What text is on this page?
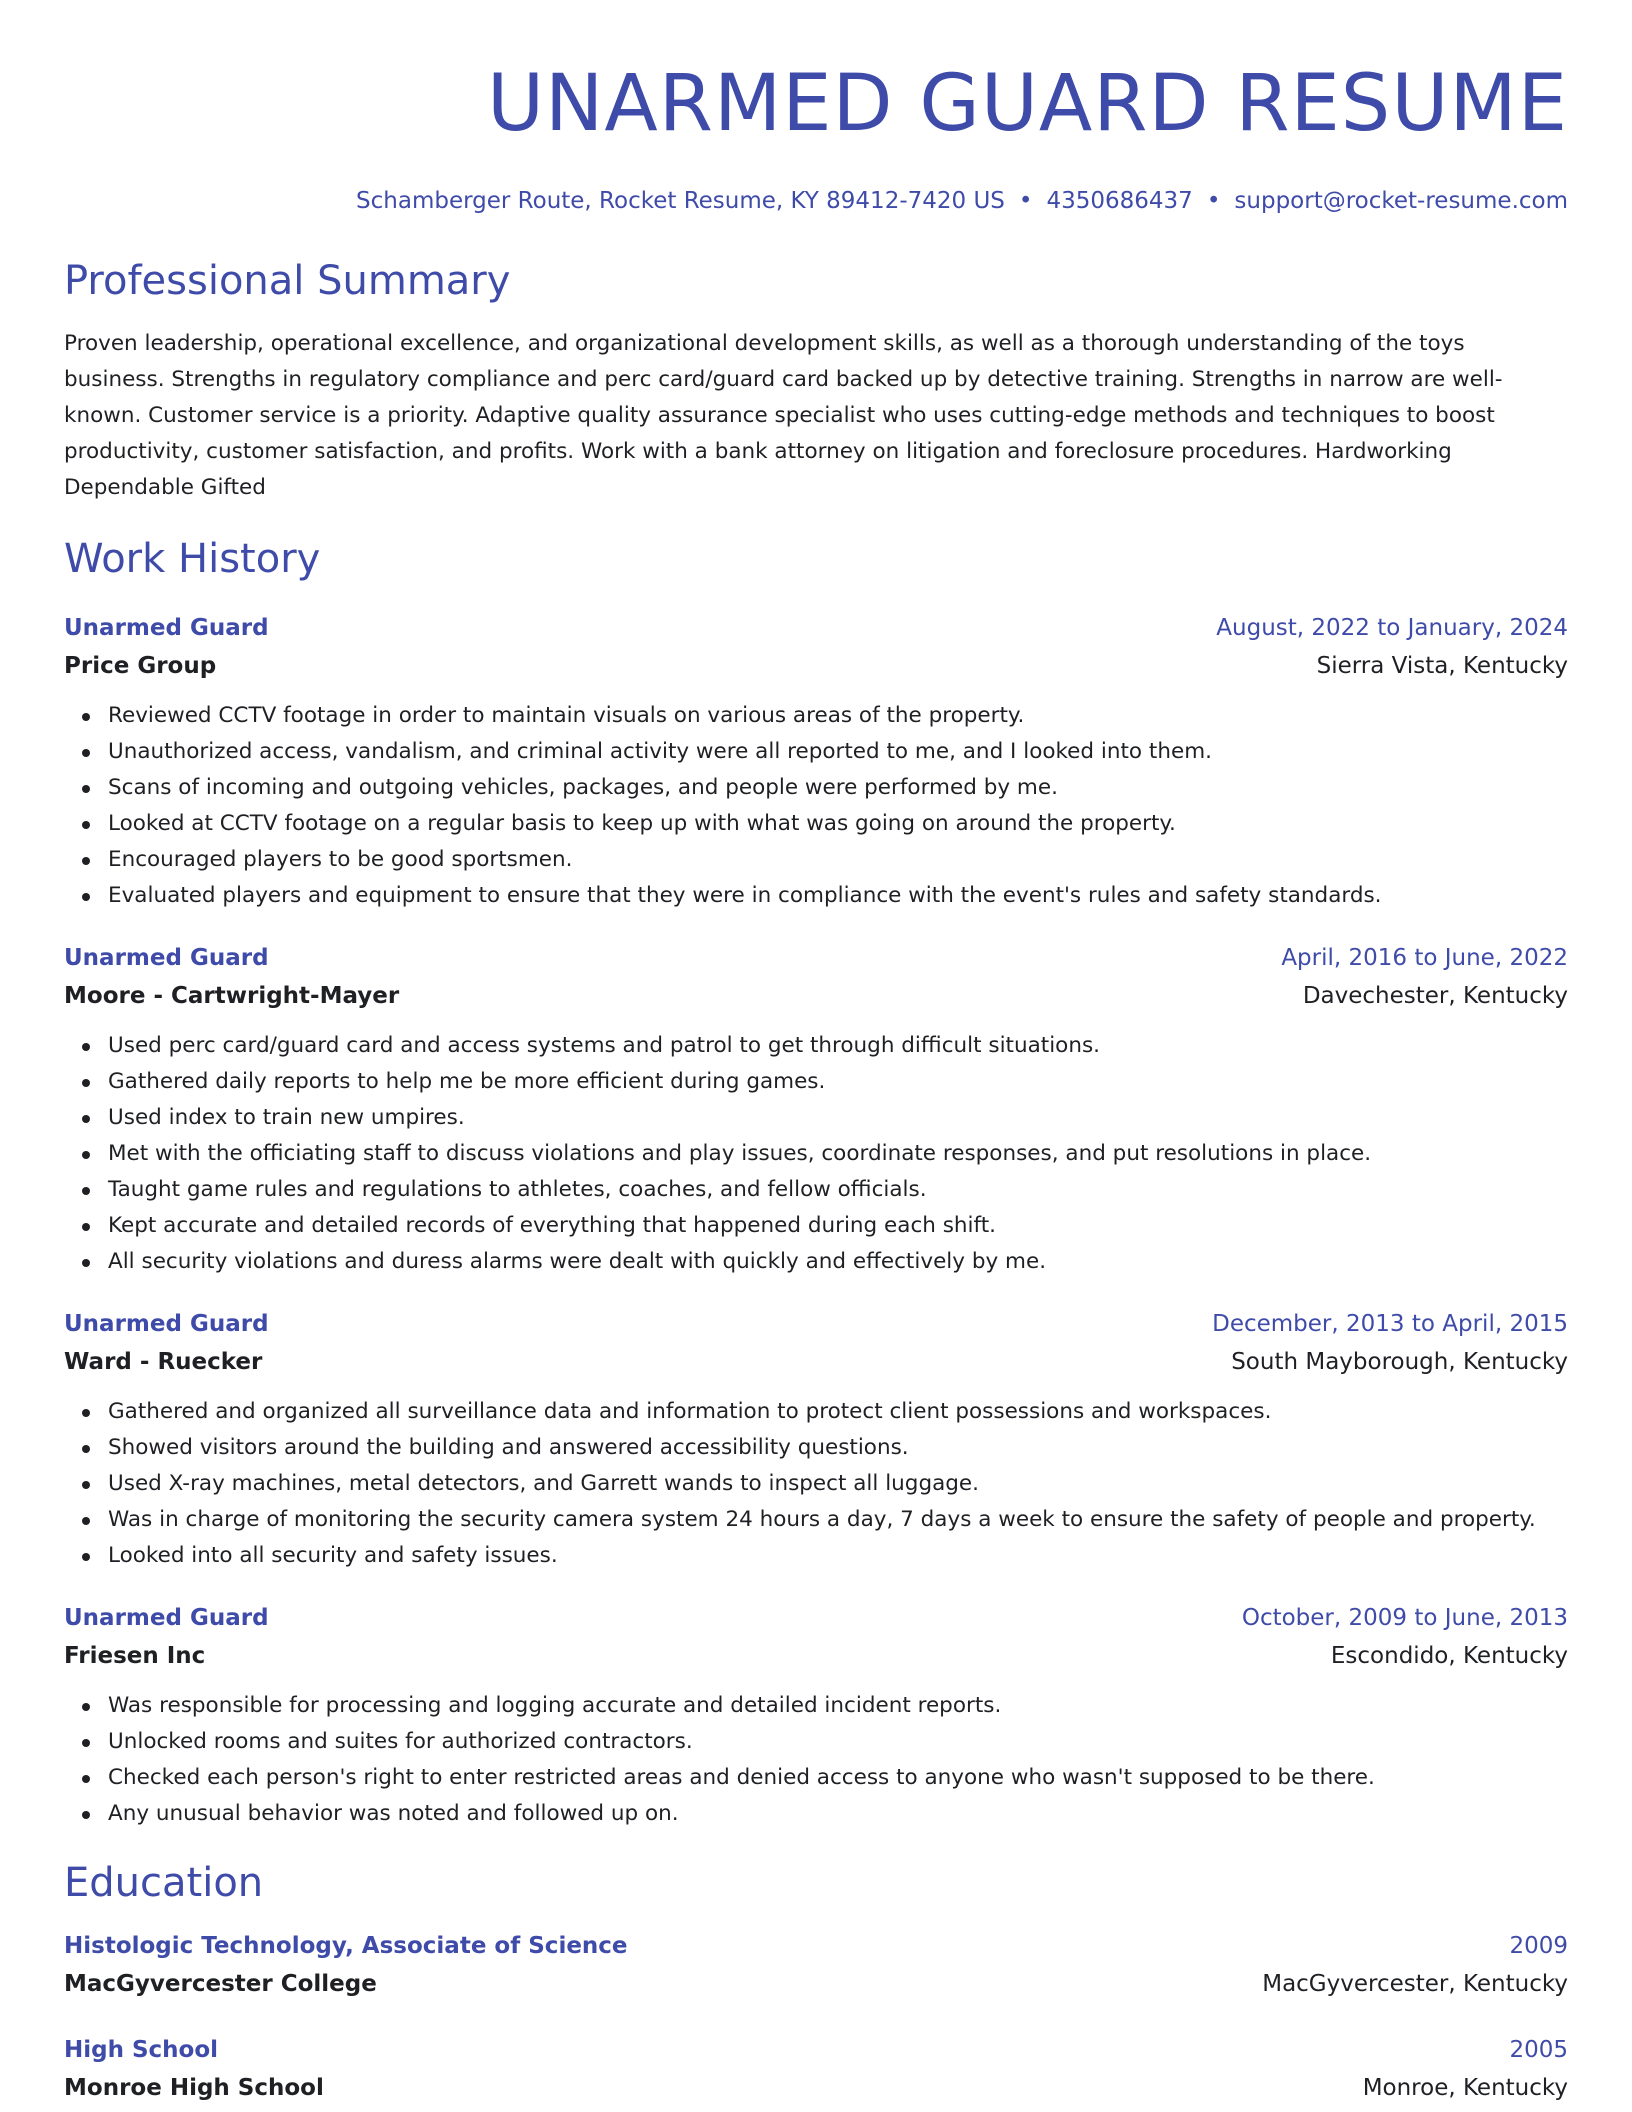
UNARMED GUARD RESUME
Schamberger Route, Rocket Resume, KY 89412-7420 US • 4350686437 • support@rocket-resume.com
Professional Summary
Proven leadership, operational excellence, and organizational development skills, as well as a thorough understanding of the toys business. Strengths in regulatory compliance and perc card/guard card backed up by detective training. Strengths in narrow are well-known. Customer service is a priority. Adaptive quality assurance specialist who uses cutting-edge methods and techniques to boost productivity, customer satisfaction, and profits. Work with a bank attorney on litigation and foreclosure procedures. Hardworking Dependable Gifted
Work History
Unarmed Guard	August, 2022 to January, 2024
Price Group	Sierra Vista, Kentucky
Reviewed CCTV footage in order to maintain visuals on various areas of the property.
Unauthorized access, vandalism, and criminal activity were all reported to me, and I looked into them.
Scans of incoming and outgoing vehicles, packages, and people were performed by me.
Looked at CCTV footage on a regular basis to keep up with what was going on around the property.
Encouraged players to be good sportsmen.
Evaluated players and equipment to ensure that they were in compliance with the event's rules and safety standards.
Unarmed Guard	April, 2016 to June, 2022
Moore - Cartwright-Mayer	Davechester, Kentucky
Used perc card/guard card and access systems and patrol to get through difficult situations.
Gathered daily reports to help me be more efficient during games.
Used index to train new umpires.
Met with the officiating staff to discuss violations and play issues, coordinate responses, and put resolutions in place.
Taught game rules and regulations to athletes, coaches, and fellow officials.
Kept accurate and detailed records of everything that happened during each shift.
All security violations and duress alarms were dealt with quickly and effectively by me.
Unarmed Guard	December, 2013 to April, 2015
Ward - Ruecker	South Mayborough, Kentucky
Gathered and organized all surveillance data and information to protect client possessions and workspaces.
Showed visitors around the building and answered accessibility questions.
Used X-ray machines, metal detectors, and Garrett wands to inspect all luggage.
Was in charge of monitoring the security camera system 24 hours a day, 7 days a week to ensure the safety of people and property.
Looked into all security and safety issues.
Unarmed Guard	October, 2009 to June, 2013
Friesen Inc	Escondido, Kentucky
Was responsible for processing and logging accurate and detailed incident reports.
Unlocked rooms and suites for authorized contractors.
Checked each person's right to enter restricted areas and denied access to anyone who wasn't supposed to be there.
Any unusual behavior was noted and followed up on.
Education
Histologic Technology, Associate of Science	2009
MacGyvercester College	MacGyvercester, Kentucky
High School	2005
Monroe High School	Monroe, Kentucky
